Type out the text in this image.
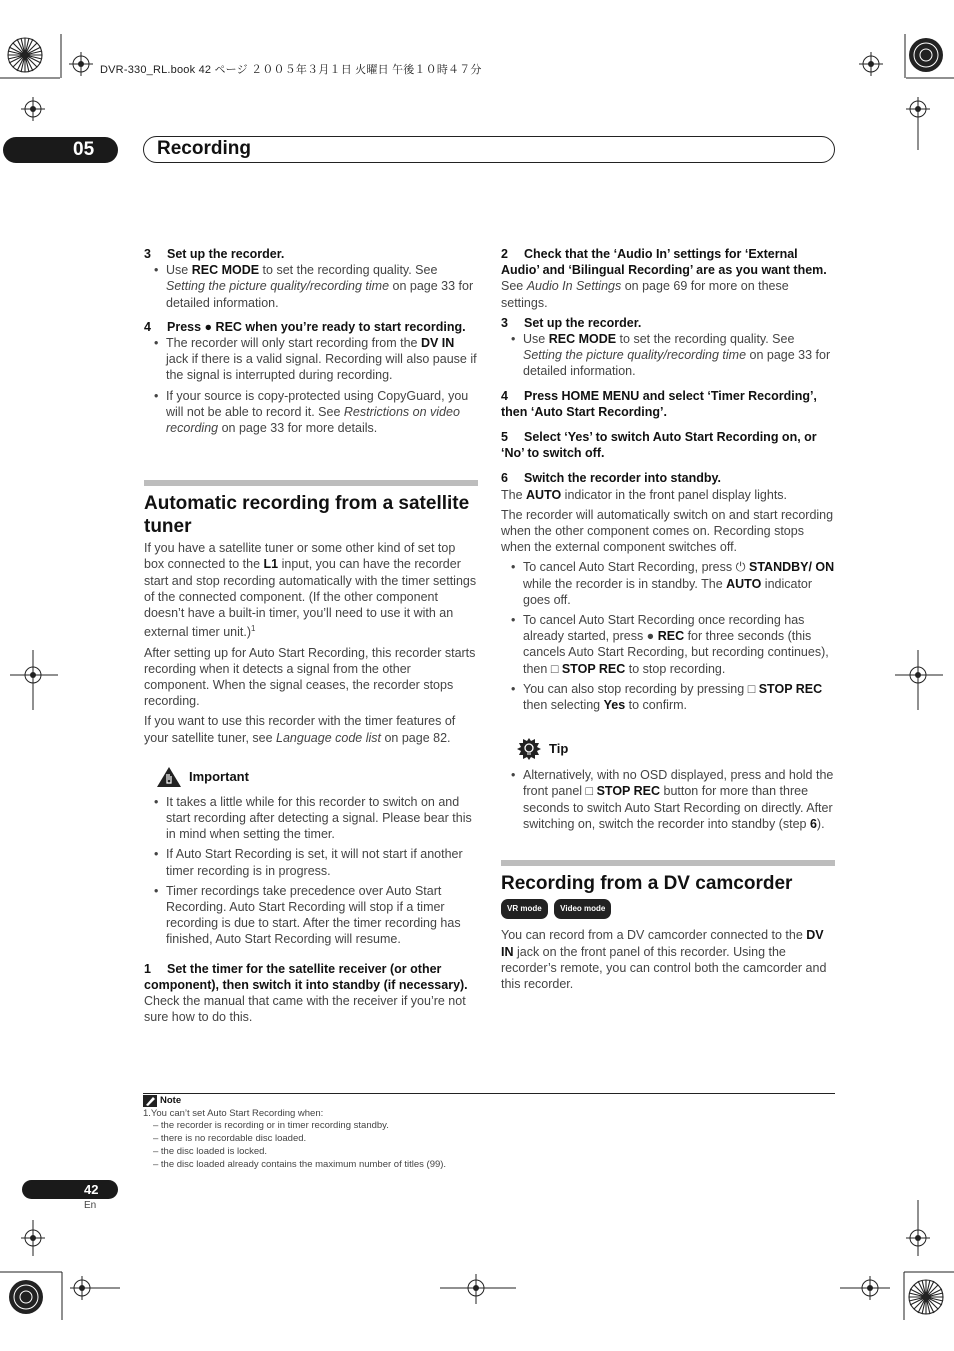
DVR-330_RL.book 42 ページ ２００５年３月１日 火曜日 午後１０時４７分
05	Recording

3 Set up the recorder.

• Use REC MODE to set the recording quality. See Setting the picture quality/recording time on page 33 for detailed information.

4 Press ● REC when you’re ready to start recording.

• The recorder will only start recording from the DV IN jack if there is a valid signal. Recording will also pause if the signal is interrupted during recording.
• If your source is copy-protected using CopyGuard, you will not be able to record it. See Restrictions on video recording on page 33 for more details.
Automatic recording from a satellite tuner

If you have a satellite tuner or some other kind of set top box connected to the L1 input, you can have the recorder start and stop recording automatically with the timer settings of the connected component. (If the other component doesn’t have a built-in timer, you’ll need to use it with an external timer unit.)$^1$

After setting up for Auto Start Recording, this recorder starts recording when it detects a signal from the other component. When the signal ceases, the recorder stops recording.

If you want to use this recorder with the timer features of your satellite tuner, see Language code list on page 82.

Important
• It takes a little while for this recorder to switch on and start recording after detecting a signal. Please bear this in mind when setting the timer.
• If Auto Start Recording is set, it will not start if another timer recording is in progress.
• Timer recordings take precedence over Auto Start Recording. Auto Start Recording will stop if a timer recording is due to start. After the timer recording has finished, Auto Start Recording will resume.

1 Set the timer for the satellite receiver (or other component), then switch it into standby (if necessary).

Check the manual that came with the receiver if you’re not sure how to do this.

2 Check that the ‘Audio In’ settings for ‘External Audio’ and ‘Bilingual Recording’ are as you want them.

See Audio In Settings on page 69 for more on these settings.

3 Set up the recorder.

• Use REC MODE to set the recording quality. See Setting the picture quality/recording time on page 33 for detailed information.

4 Press HOME MENU and select ‘Timer Recording’, then ‘Auto Start Recording’.

5 Select ‘Yes’ to switch Auto Start Recording on, or ‘No’ to switch off.

6 Switch the recorder into standby.

The AUTO indicator in the front panel display lights.

The recorder will automatically switch on and start recording when the other component comes on. Recording stops when the external component switches off.

• To cancel Auto Start Recording, press ⏻ STANDBY/ ON while the recorder is in standby. The AUTO indicator goes off.
• To cancel Auto Start Recording once recording has already started, press ● REC for three seconds (this cancels Auto Start Recording, but recording continues), then □ STOP REC to stop recording.
• You can also stop recording by pressing □ STOP REC then selecting Yes to confirm.
Tip
• Alternatively, with no OSD displayed, press and hold the front panel □ STOP REC button for more than three seconds to switch Auto Start Recording on directly. After switching on, switch the recorder into standby (step 6).
Recording from a DV camcorder
VR mode Video mode

You can record from a DV camcorder connected to the DV IN jack on the front panel of this recorder. Using the recorder’s remote, you can control both the camcorder and this recorder.

Note
1.You can’t set Auto Start Recording when:
– the recorder is recording or in timer recording standby.
– there is no recordable disc loaded.
– the disc loaded is locked.
– the disc loaded already contains the maximum number of titles (99).
42
En
